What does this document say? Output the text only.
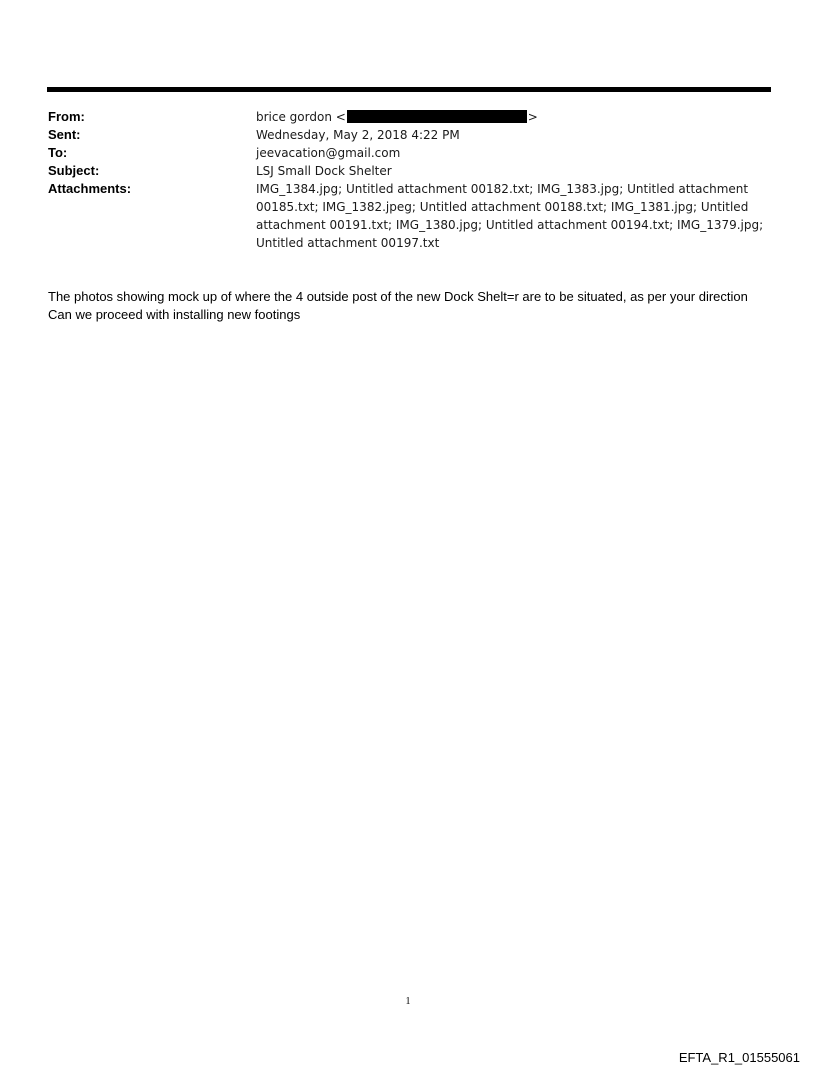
From:	brice gordon <	>
Sent:	Wednesday, May 2, 2018 4:22 PM
To:	jeevacation@gmail.com
Subject:	LSJ Small Dock Shelter
Attachments:	IMG_1384.jpg; Untitled attachment 00182.txt; IMG_1383.jpg; Untitled attachment 00185.txt; IMG_1382.jpeg; Untitled attachment 00188.txt; IMG_1381.jpg; Untitled attachment 00191.txt; IMG_1380.jpg; Untitled attachment 00194.txt; IMG_1379.jpg; Untitled attachment 00197.txt
The photos showing mock up of where the 4 outside post of the new Dock Shelt=r are to be situated, as per your direction Can we proceed with installing new footings
1
EFTA_R1_01555061
